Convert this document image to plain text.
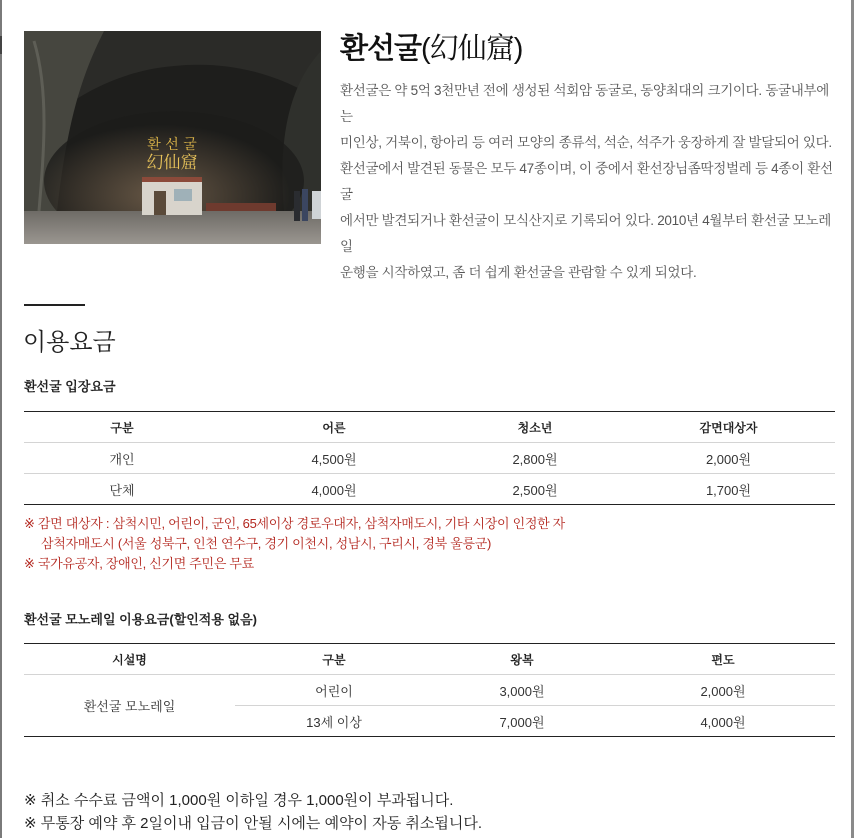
환 선 굴
幻仙窟
환선굴(幻仙窟)

환선굴은 약 5억 3천만년 전에 생성된 석회암 동굴로, 동양최대의 크기이다. 동굴내부에는

미인상, 거북이, 항아리 등 여러 모양의 종류석, 석순, 석주가 웅장하게 잘 발달되어 있다.

환선굴에서 발견된 동물은 모두 47종이며, 이 중에서 환선장님좀딱정벌레 등 4종이 환선굴

에서만 발견되거나 환선굴이 모식산지로 기록되어 있다. 2010년 4월부터 환선굴 모노레일

운행을 시작하였고, 좀 더 쉽게 환선굴을 관람할 수 있게 되었다.

이용요금
환선굴 입장요금
구분	어른	청소년	감면대상자
개인	4,500원	2,800원	2,000원
단체	4,000원	2,500원	1,700원

※ 감면 대상자 : 삼척시민, 어린이, 군인, 65세이상 경로우대자, 삼척자매도시, 기타 시장이 인정한 자

삼척자매도시 (서울 성북구, 인천 연수구, 경기 이천시, 성남시, 구리시, 경북 울릉군)

※ 국가유공자, 장애인, 신기면 주민은 무료

환선굴 모노레일 이용요금(할인적용 없음)
시설명	구분	왕복	편도
환선굴 모노레일	어린이	3,000원	2,000원
	13세 이상	7,000원	4,000원

※ 취소 수수료 금액이 1,000원 이하일 경우 1,000원이 부과됩니다.

※ 무통장 예약 후 2일이내 입금이 안될 시에는 예약이 자동 취소됩니다.
